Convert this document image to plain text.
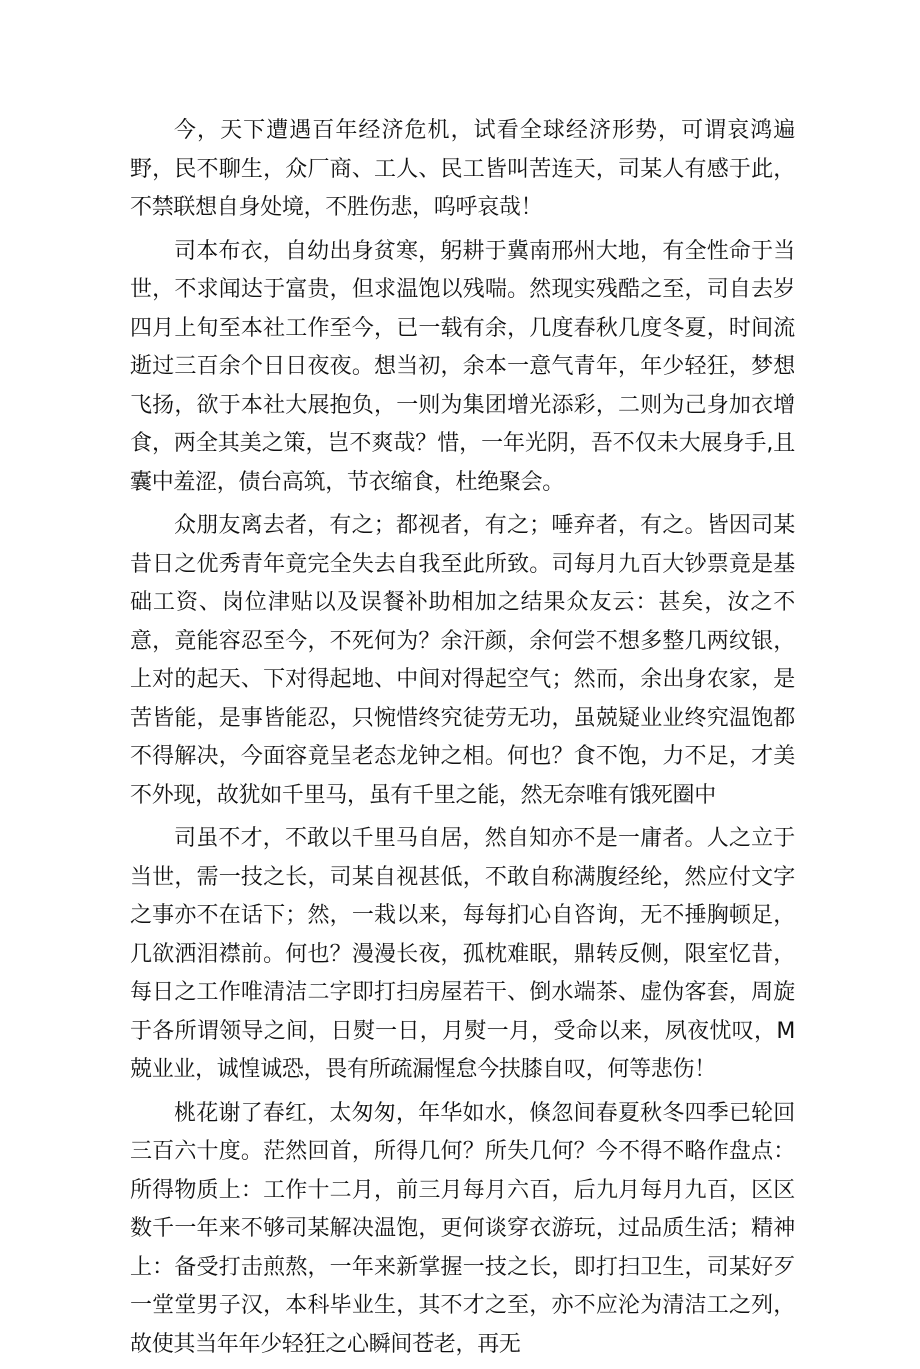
今，天下遭遇百年经济危机，试看全球经济形势，可谓哀鸿遍野，民不聊生，众厂商、工人、民工皆叫苦连天，司某人有感于此，不禁联想自身处境，不胜伤悲，呜呼哀哉！

司本布衣，自幼出身贫寒，躬耕于冀南邢州大地，有全性命于当世，不求闻达于富贵，但求温饱以残喘。然现实残酷之至，司自去岁四月上旬至本社工作至今，已一载有余，几度春秋几度冬夏，时间流逝过三百余个日日夜夜。想当初，余本一意气青年，年少轻狂，梦想飞扬，欲于本社大展抱负，一则为集团增光添彩，二则为己身加衣增食，两全其美之策，岂不爽哉？惜，一年光阴，吾不仅未大展身手,且囊中羞涩，债台高筑，节衣缩食，杜绝聚会。

众朋友离去者，有之；都视者，有之；唾弃者，有之。皆因司某昔日之优秀青年竟完全失去自我至此所致。司每月九百大钞票竟是基础工资、岗位津贴以及误餐补助相加之结果众友云：甚矣，汝之不意，竟能容忍至今，不死何为？余汗颜，余何尝不想多整几两纹银，上对的起天、下对得起地、中间对得起空气；然而，余出身农家，是苦皆能，是事皆能忍，只惋惜终究徒劳无功，虽兢疑业业终究温饱都不得解决，今面容竟呈老态龙钟之相。何也？食不饱，力不足，才美不外现，故犹如千里马，虽有千里之能，然无奈唯有饿死圈中

司虽不才，不敢以千里马自居，然自知亦不是一庸者。人之立于当世，需一技之长，司某自视甚低，不敢自称满腹经纶，然应付文字之事亦不在话下；然，一栽以来，每每扪心自咨询，无不捶胸顿足，几欲洒泪襟前。何也？漫漫长夜，孤枕难眠，鼎转反侧，限室忆昔，每日之工作唯清洁二字即打扫房屋若干、倒水端茶、虚伪客套，周旋于各所谓领导之间，日熨一日，月熨一月，受命以来，夙夜忧叹，M兢业业，诚惶诚恐，畏有所疏漏惺怠今扶膝自叹，何等悲伤！

桃花谢了春红，太匆匆，年华如水，倏忽间春夏秋冬四季已轮回三百六十度。茫然回首，所得几何？所失几何？今不得不略作盘点：所得物质上：工作十二月，前三月每月六百，后九月每月九百，区区数千一年来不够司某解决温饱，更何谈穿衣游玩，过品质生活；精神上：备受打击煎熬，一年来新掌握一技之长，即打扫卫生，司某好歹一堂堂男子汉，本科毕业生，其不才之至，亦不应沦为清洁工之列，故使其当年年少轻狂之心瞬间苍老，再无
